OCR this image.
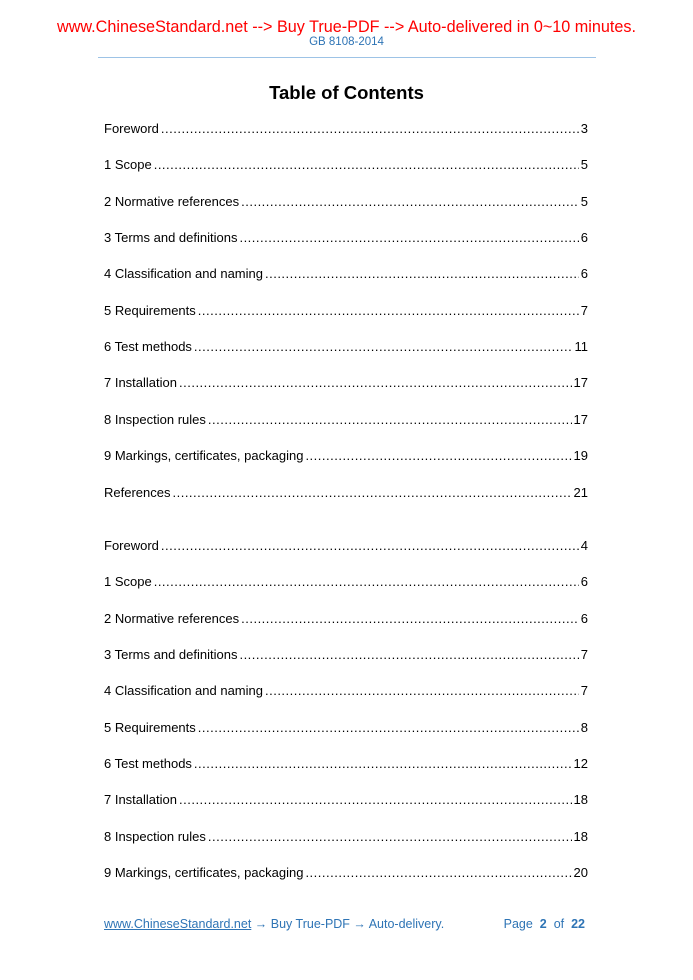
www.ChineseStandard.net --> Buy True-PDF --> Auto-delivered in 0~10 minutes.
GB 8108-2014
Table of Contents
Foreword .....	3
1 Scope .....	5
2 Normative references .....	5
3 Terms and definitions .....	6
4 Classification and naming .....	6
5 Requirements .....	7
6 Test methods .....	11
7 Installation .....	17
8 Inspection rules .....	17
9 Markings, certificates, packaging .....	19
References .....	21
Foreword .....	4
1 Scope .....	6
2 Normative references .....	6
3 Terms and definitions .....	7
4 Classification and naming .....	7
5 Requirements .....	8
6 Test methods .....	12
7 Installation .....	18
8 Inspection rules .....	18
9 Markings, certificates, packaging .....	20
www.ChineseStandard.net → Buy True-PDF → Auto-delivery.	Page 2 of 22
